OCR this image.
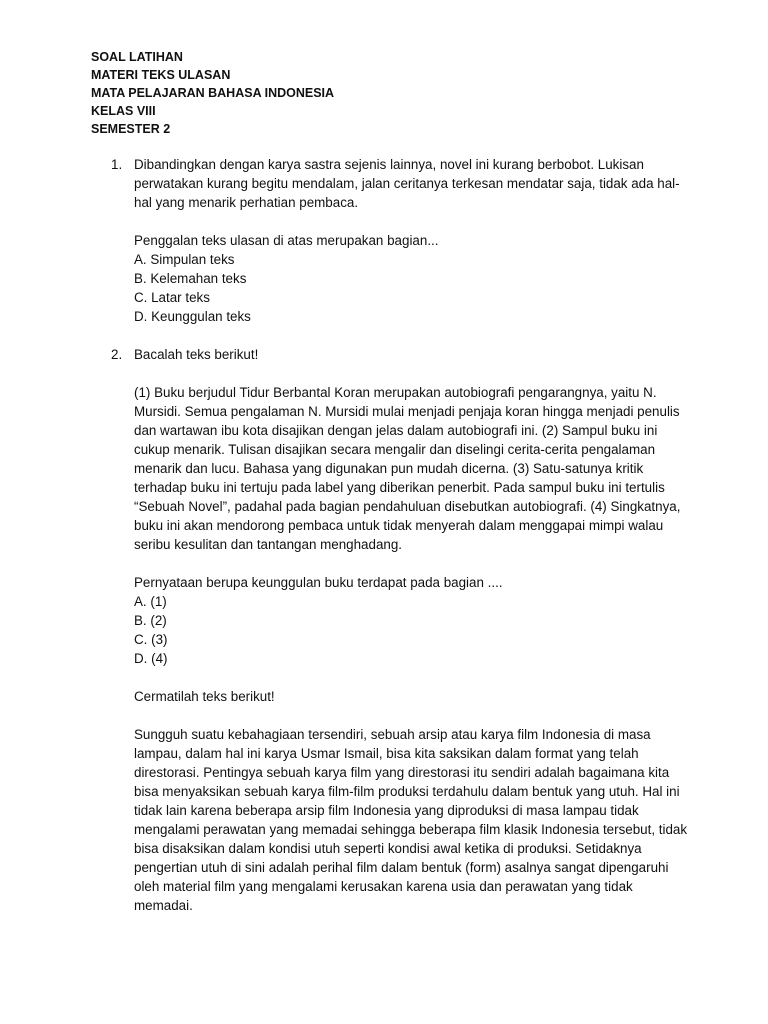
SOAL LATIHAN

MATERI TEKS ULASAN

MATA PELAJARAN BAHASA INDONESIA

KELAS VIII

SEMESTER 2

1. Dibandingkan dengan karya sastra sejenis lainnya, novel ini kurang berbobot. Lukisan perwatakan kurang begitu mendalam, jalan ceritanya terkesan mendatar saja, tidak ada hal-hal yang menarik perhatian pembaca.

Penggalan teks ulasan di atas merupakan bagian...

A. Simpulan teks

B. Kelemahan teks

C. Latar teks

D. Keunggulan teks

2. Bacalah teks berikut!

(1) Buku berjudul Tidur Berbantal Koran merupakan autobiografi pengarangnya, yaitu N. Mursidi. Semua pengalaman N. Mursidi mulai menjadi penjaja koran hingga menjadi penulis dan wartawan ibu kota disajikan dengan jelas dalam autobiografi ini. (2) Sampul buku ini cukup menarik. Tulisan disajikan secara mengalir dan diselingi cerita-cerita pengalaman menarik dan lucu. Bahasa yang digunakan pun mudah dicerna. (3) Satu-satunya kritik terhadap buku ini tertuju pada label yang diberikan penerbit. Pada sampul buku ini tertulis “Sebuah Novel”, padahal pada bagian pendahuluan disebutkan autobiografi. (4) Singkatnya, buku ini akan mendorong pembaca untuk tidak menyerah dalam menggapai mimpi walau seribu kesulitan dan tantangan menghadang.

Pernyataan berupa keunggulan buku terdapat pada bagian ....

A. (1)

B. (2)

C. (3)

D. (4)

Cermatilah teks berikut!

Sungguh suatu kebahagiaan tersendiri, sebuah arsip atau karya film Indonesia di masa lampau, dalam hal ini karya Usmar Ismail, bisa kita saksikan dalam format yang telah direstorasi. Pentingya sebuah karya film yang direstorasi itu sendiri adalah bagaimana kita bisa menyaksikan sebuah karya film-film produksi terdahulu dalam bentuk yang utuh. Hal ini tidak lain karena beberapa arsip film Indonesia yang diproduksi di masa lampau tidak mengalami perawatan yang memadai sehingga beberapa film klasik Indonesia tersebut, tidak bisa disaksikan dalam kondisi utuh seperti kondisi awal ketika di produksi. Setidaknya pengertian utuh di sini adalah perihal film dalam bentuk (form) asalnya sangat dipengaruhi oleh material film yang mengalami kerusakan karena usia dan perawatan yang tidak memadai.
